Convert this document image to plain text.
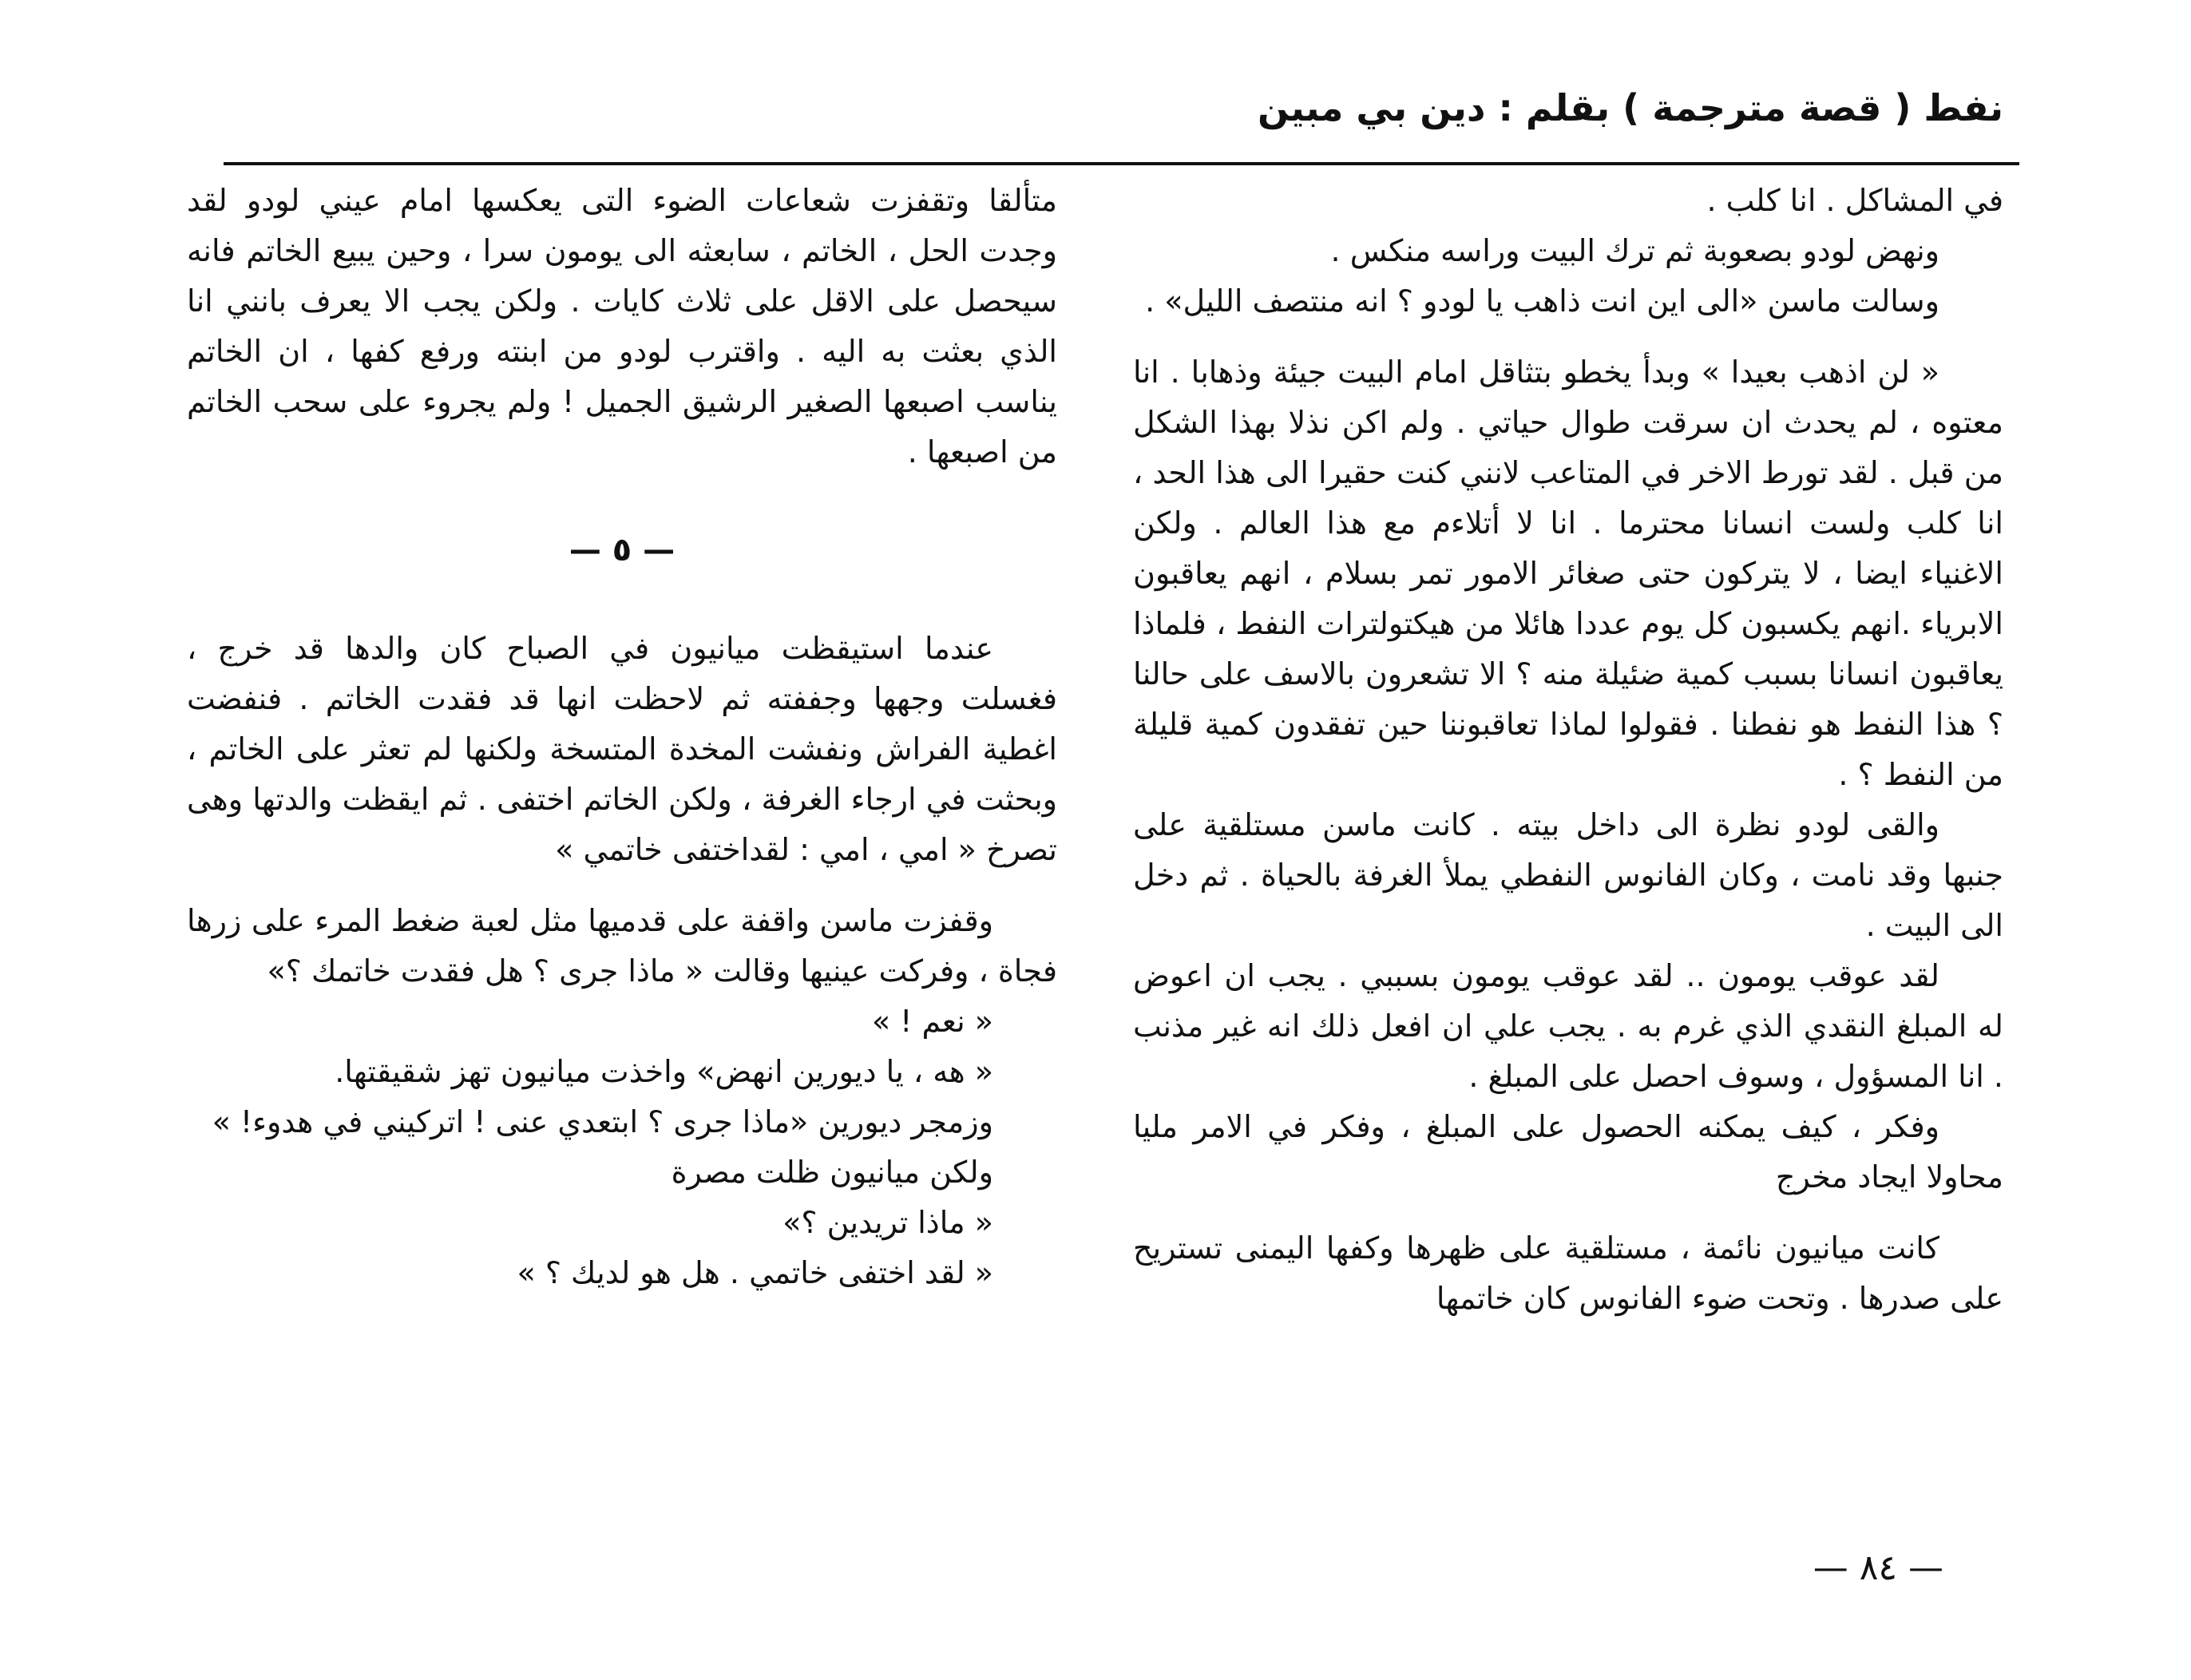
نفط ( قصة مترجمة ) بقلم : دين بي مبين

في المشاكل . انا كلب .

ونهض لودو بصعوبة ثم ترك البيت وراسه منكس .

وسالت ماسن «الى اين انت ذاهب يا لودو ؟ انه منتصف الليل» .

« لن اذهب بعيدا » وبدأ يخطو بتثاقل امام البيت جيئة وذهابا . انا معتوه ، لم يحدث ان سرقت طوال حياتي . ولم اكن نذلا بهذا الشكل من قبل . لقد تورط الاخر في المتاعب لانني كنت حقيرا الى هذا الحد ، انا كلب ولست انسانا محترما . انا لا أتلاءم مع هذا العالم . ولكن الاغنياء ايضا ، لا يتركون حتى صغائر الامور تمر بسلام ، انهم يعاقبون الابرياء .انهم يكسبون كل يوم عددا هائلا من هيكتولترات النفط ، فلماذا يعاقبون انسانا بسبب كمية ضئيلة منه ؟ الا تشعرون بالاسف على حالنا ؟ هذا النفط هو نفطنا . فقولوا لماذا تعاقبوننا حين تفقدون كمية قليلة من النفط ؟ .

والقى لودو نظرة الى داخل بيته . كانت ماسن مستلقية على جنبها وقد نامت ، وكان الفانوس النفطي يملأ الغرفة بالحياة . ثم دخل الى البيت .

لقد عوقب يومون .. لقد عوقب يومون بسببي . يجب ان اعوض له المبلغ النقدي الذي غرم به . يجب علي ان افعل ذلك انه غير مذنب . انا المسؤول ، وسوف احصل على المبلغ .

وفكر ، كيف يمكنه الحصول على المبلغ ، وفكر في الامر مليا محاولا ايجاد مخرج

كانت ميانيون نائمة ، مستلقية على ظهرها وكفها اليمنى تستريح على صدرها . وتحت ضوء الفانوس كان خاتمها

متألقا وتقفزت شعاعات الضوء التى يعكسها امام عيني لودو لقد وجدت الحل ، الخاتم ، سابعثه الى يومون سرا ، وحين يبيع الخاتم فانه سيحصل على الاقل على ثلاث كايات . ولكن يجب الا يعرف بانني انا الذي بعثت به اليه . واقترب لودو من ابنته ورفع كفها ، ان الخاتم يناسب اصبعها الصغير الرشيق الجميل ! ولم يجروء على سحب الخاتم من اصبعها .

— ٥ —

عندما استيقظت ميانيون في الصباح كان والدها قد خرج ، فغسلت وجهها وجففته ثم لاحظت انها قد فقدت الخاتم . فنفضت اغطية الفراش ونفشت المخدة المتسخة ولكنها لم تعثر على الخاتم ، وبحثت في ارجاء الغرفة ، ولكن الخاتم اختفى . ثم ايقظت والدتها وهى تصرخ « امي ، امي : لقداختفى خاتمي »

وقفزت ماسن واقفة على قدميها مثل لعبة ضغط المرء على زرها فجاة ، وفركت عينيها وقالت « ماذا جرى ؟ هل فقدت خاتمك ؟»

« نعم ! »

« هه ، يا ديورين انهض» واخذت ميانيون تهز شقيقتها.

وزمجر ديورين «ماذا جرى ؟ ابتعدي عنى ! اتركيني في هدوء! »

ولكن ميانيون ظلت مصرة

« ماذا تريدين ؟»

« لقد اختفى خاتمي . هل هو لديك ؟ »

— ٨٤ —
